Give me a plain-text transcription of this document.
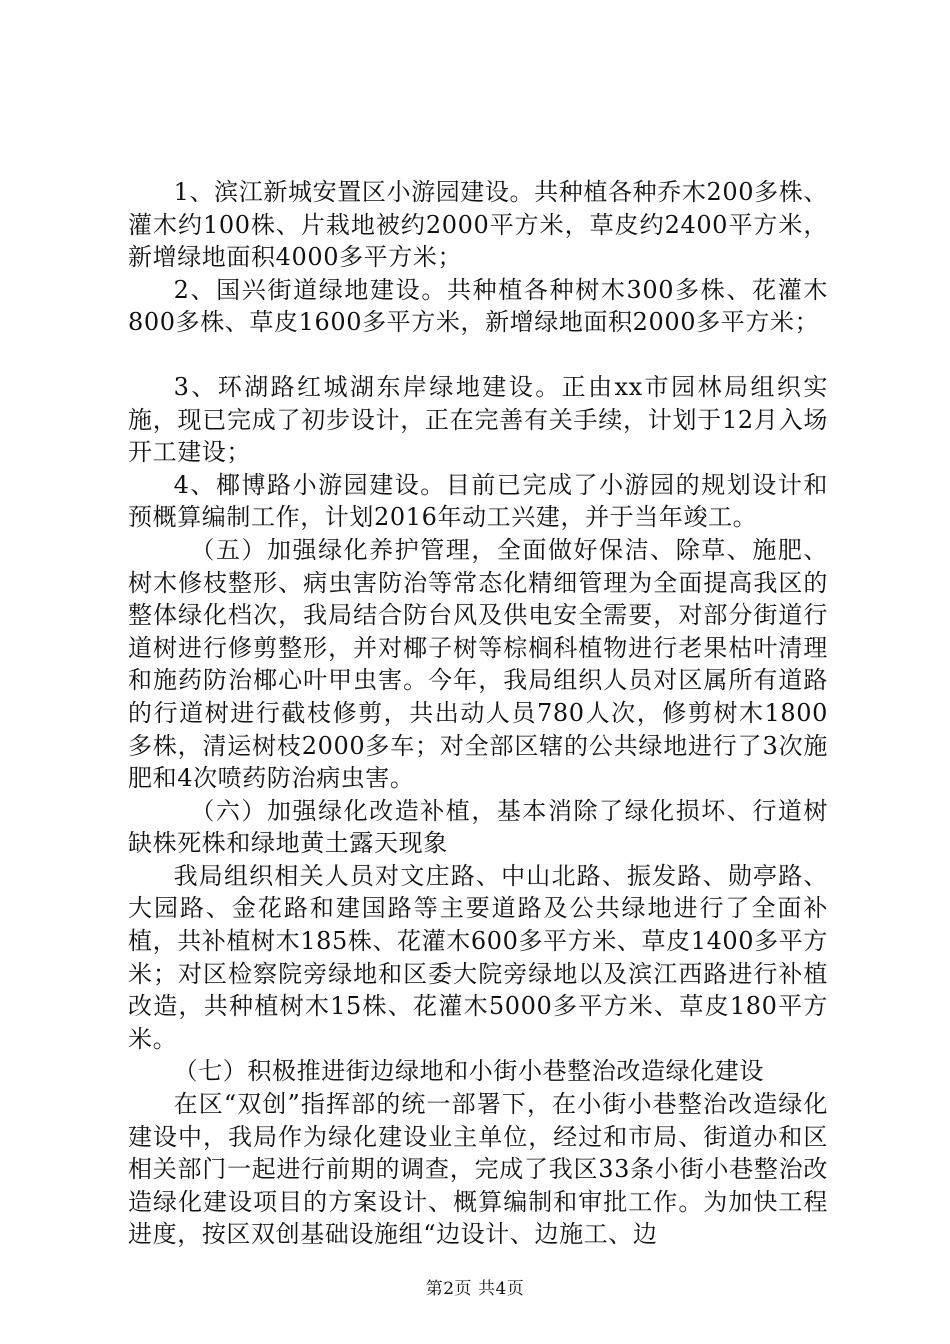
1、滨江新城安置区小游园建设。共种植各种乔木200多株、灌木约100株、片栽地被约2000平方米，草皮约2400平方米，新增绿地面积4000多平方米；

2、国兴街道绿地建设。共种植各种树木300多株、花灌木800多株、草皮1600多平方米，新增绿地面积2000多平方米；

3、环湖路红城湖东岸绿地建设。正由xx市园林局组织实施，现已完成了初步设计，正在完善有关手续，计划于12月入场开工建设；

4、椰博路小游园建设。目前已完成了小游园的规划设计和预概算编制工作，计划2016年动工兴建，并于当年竣工。

（五）加强绿化养护管理，全面做好保洁、除草、施肥、树木修枝整形、病虫害防治等常态化精细管理为全面提高我区的整体绿化档次，我局结合防台风及供电安全需要，对部分街道行道树进行修剪整形，并对椰子树等棕榈科植物进行老果枯叶清理和施药防治椰心叶甲虫害。今年，我局组织人员对区属所有道路的行道树进行截枝修剪，共出动人员780人次，修剪树木1800多株，清运树枝2000多车；对全部区辖的公共绿地进行了3次施肥和4次喷药防治病虫害。

（六）加强绿化改造补植，基本消除了绿化损坏、行道树缺株死株和绿地黄土露天现象

我局组织相关人员对文庄路、中山北路、振发路、勋亭路、大园路、金花路和建国路等主要道路及公共绿地进行了全面补植，共补植树木185株、花灌木600多平方米、草皮1400多平方米；对区检察院旁绿地和区委大院旁绿地以及滨江西路进行补植改造，共种植树木15株、花灌木5000多平方米、草皮180平方米。

（七）积极推进街边绿地和小街小巷整治改造绿化建设

在区“双创”指挥部的统一部署下，在小街小巷整治改造绿化建设中，我局作为绿化建设业主单位，经过和市局、街道办和区相关部门一起进行前期的调查，完成了我区33条小街小巷整治改造绿化建设项目的方案设计、概算编制和审批工作。为加快工程进度，按区双创基础设施组“边设计、边施工、边

第2页 共4页
